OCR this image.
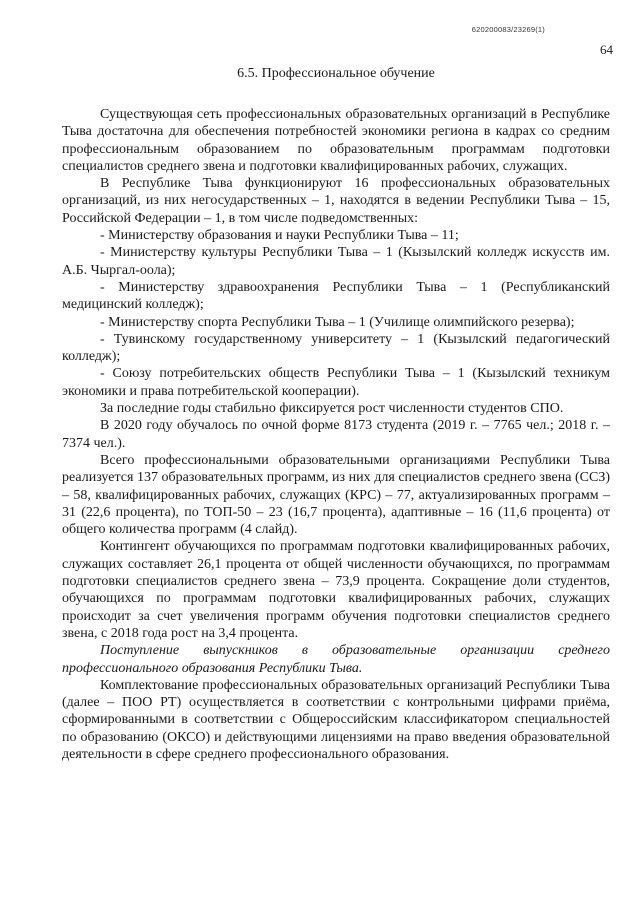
620200083/23269(1)
64
6.5. Профессиональное обучение

Существующая сеть профессиональных образовательных организаций в Республике Тыва достаточна для обеспечения потребностей экономики региона в кадрах со средним профессиональным образованием по образовательным программам подготовки специалистов среднего звена и подготовки квалифицированных рабочих, служащих.

В Республике Тыва функционируют 16 профессиональных образовательных организаций, из них негосударственных – 1, находятся в ведении Республики Тыва – 15, Российской Федерации – 1, в том числе подведомственных:

- Министерству образования и науки Республики Тыва – 11;

- Министерству культуры Республики Тыва – 1 (Кызылский колледж искусств им. А.Б. Чыргал-оола);

- Министерству здравоохранения Республики Тыва – 1 (Республиканский медицинский колледж);

- Министерству спорта Республики Тыва – 1 (Училище олимпийского резерва);

- Тувинскому государственному университету – 1 (Кызылский педагогический колледж);

- Союзу потребительских обществ Республики Тыва – 1 (Кызылский техникум экономики и права потребительской кооперации).

За последние годы стабильно фиксируется рост численности студентов СПО.

В 2020 году обучалось по очной форме 8173 студента (2019 г. – 7765 чел.; 2018 г. – 7374 чел.).

Всего профессиональными образовательными организациями Республики Тыва реализуется 137 образовательных программ, из них для специалистов среднего звена (ССЗ) – 58, квалифицированных рабочих, служащих (КРС) – 77, актуализированных программ – 31 (22,6 процента), по ТОП-50 – 23 (16,7 процента), адаптивные – 16 (11,6 процента) от общего количества программ (4 слайд).

Контингент обучающихся по программам подготовки квалифицированных рабочих, служащих составляет 26,1 процента от общей численности обучающихся, по программам подготовки специалистов среднего звена – 73,9 процента. Сокращение доли студентов, обучающихся по программам подготовки квалифицированных рабочих, служащих происходит за счет увеличения программ обучения подготовки специалистов среднего звена, с 2018 года рост на 3,4 процента.

Поступление выпускников в образовательные организации среднего профессионального образования Республики Тыва.

Комплектование профессиональных образовательных организаций Республики Тыва (далее – ПОО РТ) осуществляется в соответствии с контрольными цифрами приёма, сформированными в соответствии с Общероссийским классификатором специальностей по образованию (ОКСО) и действующими лицензиями на право введения образовательной деятельности в сфере среднего профессионального образования.
